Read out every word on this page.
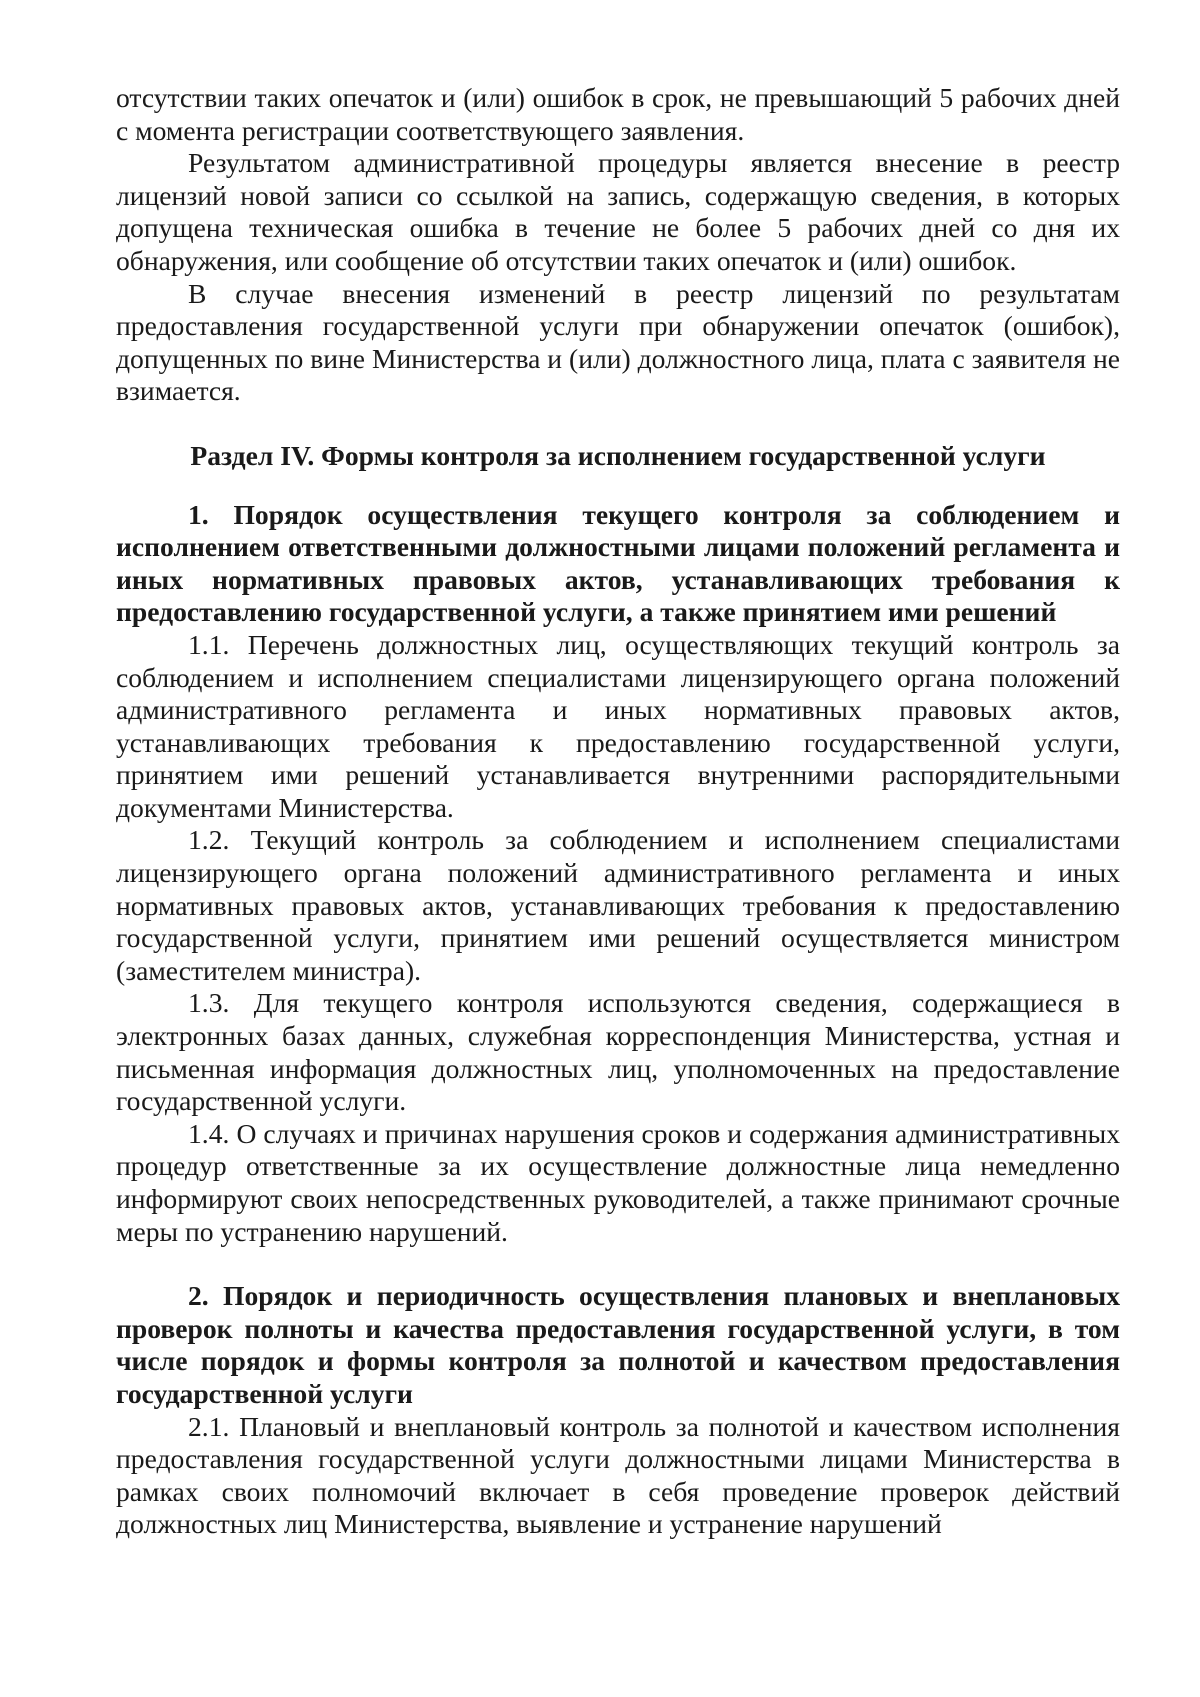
отсутствии таких опечаток и (или) ошибок в срок, не превышающий 5 рабочих дней с момента регистрации соответствующего заявления.

Результатом административной процедуры является внесение в реестр лицензий новой записи со ссылкой на запись, содержащую сведения, в которых допущена техническая ошибка в течение не более 5 рабочих дней со дня их обнаружения, или сообщение об отсутствии таких опечаток и (или) ошибок.

В случае внесения изменений в реестр лицензий по результатам предоставления государственной услуги при обнаружении опечаток (ошибок), допущенных по вине Министерства и (или) должностного лица, плата с заявителя не взимается.

Раздел IV. Формы контроля за исполнением государственной услуги

1. Порядок осуществления текущего контроля за соблюдением и исполнением ответственными должностными лицами положений регламента и иных нормативных правовых актов, устанавливающих требования к предоставлению государственной услуги, а также принятием ими решений

1.1. Перечень должностных лиц, осуществляющих текущий контроль за соблюдением и исполнением специалистами лицензирующего органа положений административного регламента и иных нормативных правовых актов, устанавливающих требования к предоставлению государственной услуги, принятием ими решений устанавливается внутренними распорядительными документами Министерства.

1.2. Текущий контроль за соблюдением и исполнением специалистами лицензирующего органа положений административного регламента и иных нормативных правовых актов, устанавливающих требования к предоставлению государственной услуги, принятием ими решений осуществляется министром (заместителем министра).

1.3. Для текущего контроля используются сведения, содержащиеся в электронных базах данных, служебная корреспонденция Министерства, устная и письменная информация должностных лиц, уполномоченных на предоставление государственной услуги.

1.4. О случаях и причинах нарушения сроков и содержания административных процедур ответственные за их осуществление должностные лица немедленно информируют своих непосредственных руководителей, а также принимают срочные меры по устранению нарушений.

2. Порядок и периодичность осуществления плановых и внеплановых проверок полноты и качества предоставления государственной услуги, в том числе порядок и формы контроля за полнотой и качеством предоставления государственной услуги

2.1. Плановый и внеплановый контроль за полнотой и качеством исполнения предоставления государственной услуги должностными лицами Министерства в рамках своих полномочий включает в себя проведение проверок действий должностных лиц Министерства, выявление и устранение нарушений
